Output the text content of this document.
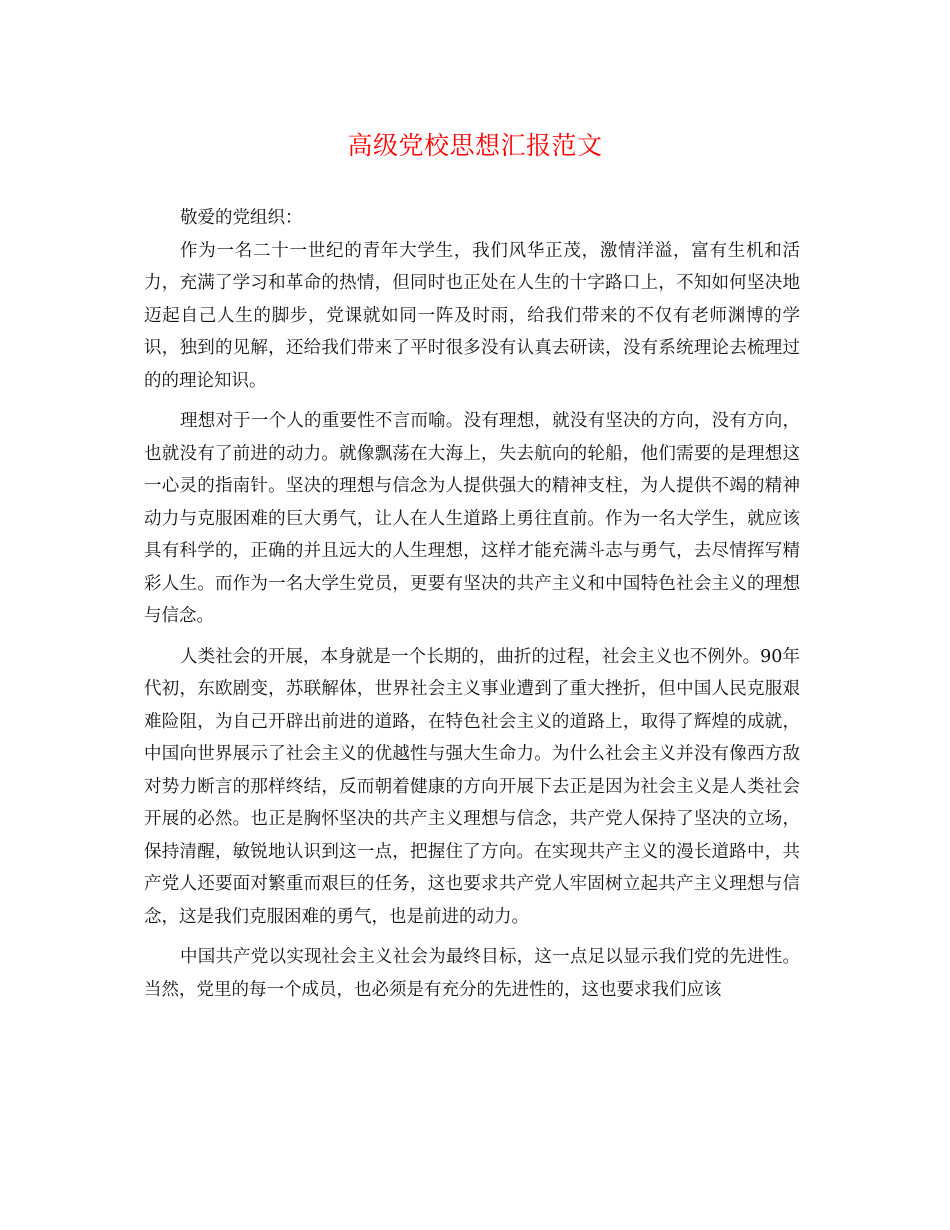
高级党校思想汇报范文

敬爱的党组织：

作为一名二十一世纪的青年大学生，我们风华正茂，激情洋溢，富有生机和活力，充满了学习和革命的热情，但同时也正处在人生的十字路口上，不知如何坚决地迈起自己人生的脚步，党课就如同一阵及时雨，给我们带来的不仅有老师渊博的学识，独到的见解，还给我们带来了平时很多没有认真去研读，没有系统理论去梳理过的的理论知识。

理想对于一个人的重要性不言而喻。没有理想，就没有坚决的方向，没有方向，也就没有了前进的动力。就像飘荡在大海上，失去航向的轮船，他们需要的是理想这一心灵的指南针。坚决的理想与信念为人提供强大的精神支柱，为人提供不竭的精神动力与克服困难的巨大勇气，让人在人生道路上勇往直前。作为一名大学生，就应该具有科学的，正确的并且远大的人生理想，这样才能充满斗志与勇气，去尽情挥写精彩人生。而作为一名大学生党员，更要有坚决的共产主义和中国特色社会主义的理想与信念。

人类社会的开展，本身就是一个长期的，曲折的过程，社会主义也不例外。90年代初，东欧剧变，苏联解体，世界社会主义事业遭到了重大挫折，但中国人民克服艰难险阻，为自己开辟出前进的道路，在特色社会主义的道路上，取得了辉煌的成就，中国向世界展示了社会主义的优越性与强大生命力。为什么社会主义并没有像西方敌对势力断言的那样终结，反而朝着健康的方向开展下去正是因为社会主义是人类社会开展的必然。也正是胸怀坚决的共产主义理想与信念，共产党人保持了坚决的立场，保持清醒，敏锐地认识到这一点，把握住了方向。在实现共产主义的漫长道路中，共产党人还要面对繁重而艰巨的任务，这也要求共产党人牢固树立起共产主义理想与信念，这是我们克服困难的勇气，也是前进的动力。

中国共产党以实现社会主义社会为最终目标，这一点足以显示我们党的先进性。当然，党里的每一个成员，也必须是有充分的先进性的，这也要求我们应该
